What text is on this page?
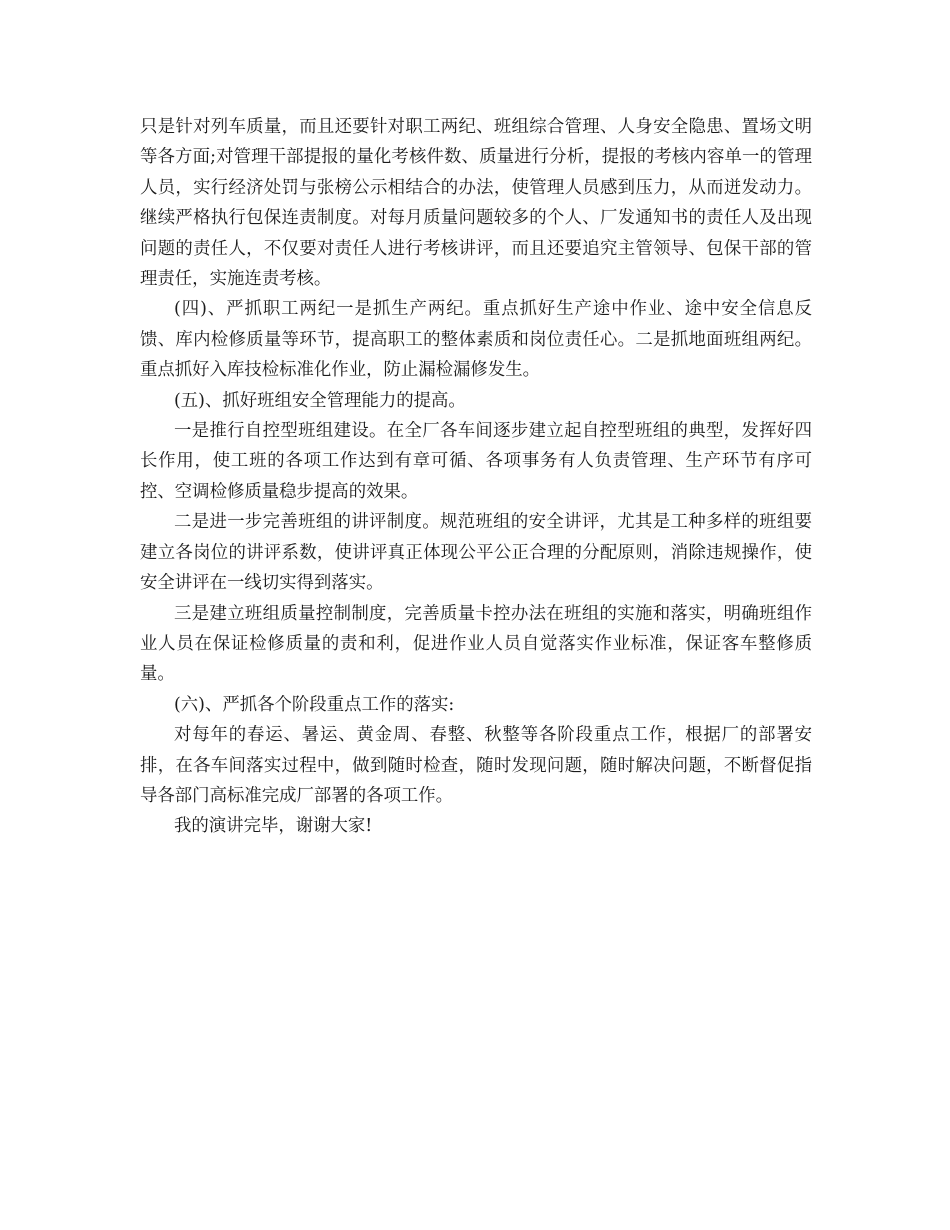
只是针对列车质量，而且还要针对职工两纪、班组综合管理、人身安全隐患、置场文明等各方面;对管理干部提报的量化考核件数、质量进行分析，提报的考核内容单一的管理人员，实行经济处罚与张榜公示相结合的办法，使管理人员感到压力，从而迸发动力。继续严格执行包保连责制度。对每月质量问题较多的个人、厂发通知书的责任人及出现问题的责任人，不仅要对责任人进行考核讲评，而且还要追究主管领导、包保干部的管理责任，实施连责考核。

(四)、严抓职工两纪一是抓生产两纪。重点抓好生产途中作业、途中安全信息反馈、库内检修质量等环节，提高职工的整体素质和岗位责任心。二是抓地面班组两纪。重点抓好入库技检标准化作业，防止漏检漏修发生。

(五)、抓好班组安全管理能力的提高。

一是推行自控型班组建设。在全厂各车间逐步建立起自控型班组的典型，发挥好四长作用，使工班的各项工作达到有章可循、各项事务有人负责管理、生产环节有序可控、空调检修质量稳步提高的效果。

二是进一步完善班组的讲评制度。规范班组的安全讲评，尤其是工种多样的班组要建立各岗位的讲评系数，使讲评真正体现公平公正合理的分配原则，消除违规操作，使安全讲评在一线切实得到落实。

三是建立班组质量控制制度，完善质量卡控办法在班组的实施和落实，明确班组作业人员在保证检修质量的责和利，促进作业人员自觉落实作业标准，保证客车整修质量。

(六)、严抓各个阶段重点工作的落实:

对每年的春运、暑运、黄金周、春整、秋整等各阶段重点工作，根据厂的部署安排，在各车间落实过程中，做到随时检查，随时发现问题，随时解决问题，不断督促指导各部门高标准完成厂部署的各项工作。

我的演讲完毕，谢谢大家!
